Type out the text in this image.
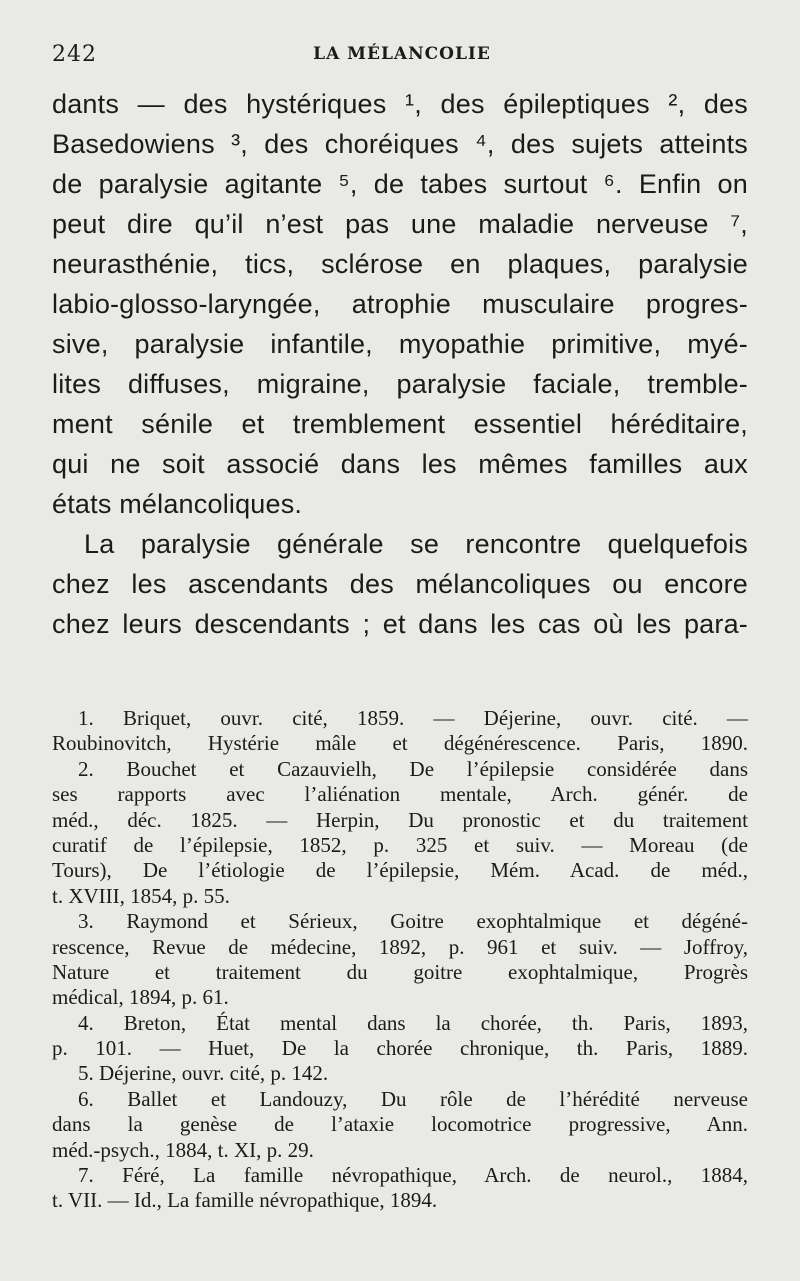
242	LA MÉLANCOLIE
dants — des hystériques ¹, des épileptiques ², des
Basedowiens ³, des choréiques ⁴, des sujets atteints
de paralysie agitante ⁵, de tabes surtout ⁶. Enfin on
peut dire qu’il n’est pas une maladie nerveuse ⁷,
neurasthénie, tics, sclérose en plaques, paralysie
labio-glosso-laryngée, atrophie musculaire progres-
sive, paralysie infantile, myopathie primitive, myé-
lites diffuses, migraine, paralysie faciale, tremble-
ment sénile et tremblement essentiel héréditaire,
qui ne soit associé dans les mêmes familles aux
états mélancoliques.
La paralysie générale se rencontre quelquefois
chez les ascendants des mélancoliques ou encore
chez leurs descendants ; et dans les cas où les para-
1. Briquet, ouvr. cité, 1859. — Déjerine, ouvr. cité. —
Roubinovitch, Hystérie mâle et dégénérescence. Paris, 1890.
2. Bouchet et Cazauvielh, De l’épilepsie considérée dans
ses rapports avec l’aliénation mentale, Arch. génér. de
méd., déc. 1825. — Herpin, Du pronostic et du traitement
curatif de l’épilepsie, 1852, p. 325 et suiv. — Moreau (de
Tours), De l’étiologie de l’épilepsie, Mém. Acad. de méd.,
t. XVIII, 1854, p. 55.
3. Raymond et Sérieux, Goitre exophtalmique et dégéné-
rescence, Revue de médecine, 1892, p. 961 et suiv. — Joffroy,
Nature et traitement du goitre exophtalmique, Progrès
médical, 1894, p. 61.
4. Breton, État mental dans la chorée, th. Paris, 1893,
p. 101. — Huet, De la chorée chronique, th. Paris, 1889.
5. Déjerine, ouvr. cité, p. 142.
6. Ballet et Landouzy, Du rôle de l’hérédité nerveuse
dans la genèse de l’ataxie locomotrice progressive, Ann.
méd.-psych., 1884, t. XI, p. 29.
7. Féré, La famille névropathique, Arch. de neurol., 1884,
t. VII. — Id., La famille névropathique, 1894.
